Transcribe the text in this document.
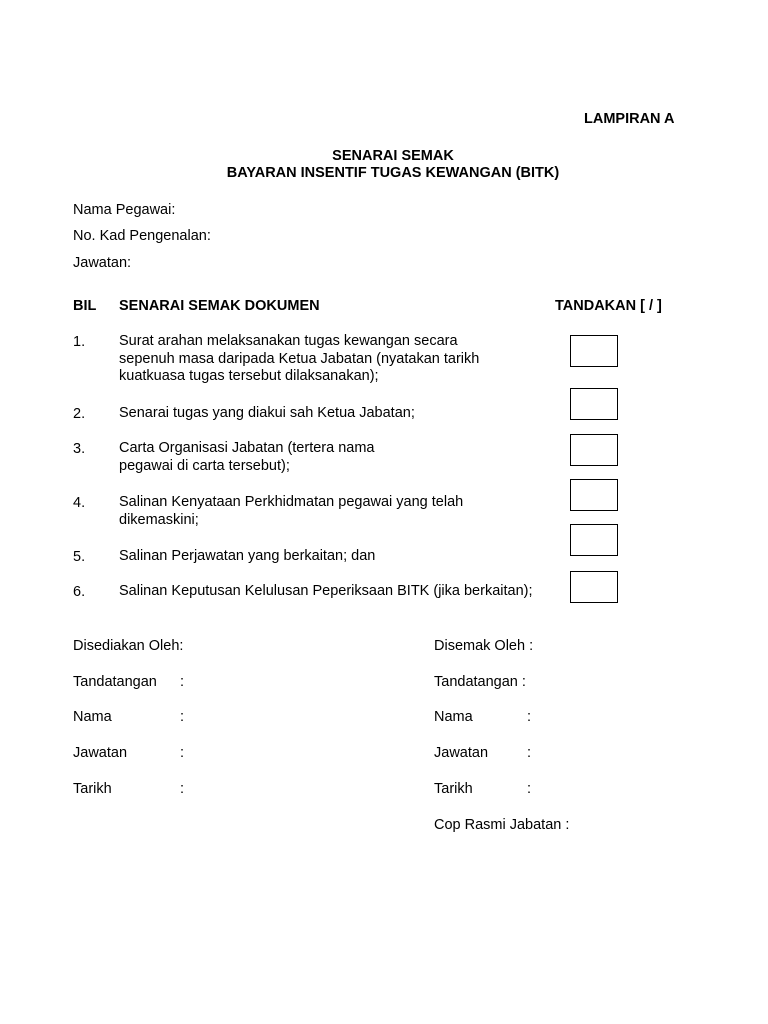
LAMPIRAN A
SENARAI SEMAK
BAYARAN INSENTIF TUGAS KEWANGAN (BITK)
Nama Pegawai:
No. Kad Pengenalan:
Jawatan:
BIL SENARAI SEMAK DOKUMEN	TANDAKAN [ / ]
1. Surat arahan melaksanakan tugas kewangan secara
sepenuh masa daripada Ketua Jabatan (nyatakan tarikh
kuatkuasa tugas tersebut dilaksanakan);
2. Senarai tugas yang diakui sah Ketua Jabatan;
3. Carta Organisasi Jabatan (tertera nama
pegawai di carta tersebut);
4. Salinan Kenyataan Perkhidmatan pegawai yang telah
dikemaskini;
5. Salinan Perjawatan yang berkaitan; dan
6. Salinan Keputusan Kelulusan Peperiksaan BITK (jika berkaitan);
Disediakan Oleh:
Tandatangan :
Nama	:
Jawatan	:
Tarikh	:
Disemak Oleh :
Tandatangan :
Nama	:
Jawatan	:
Tarikh	:
Cop Rasmi Jabatan :
